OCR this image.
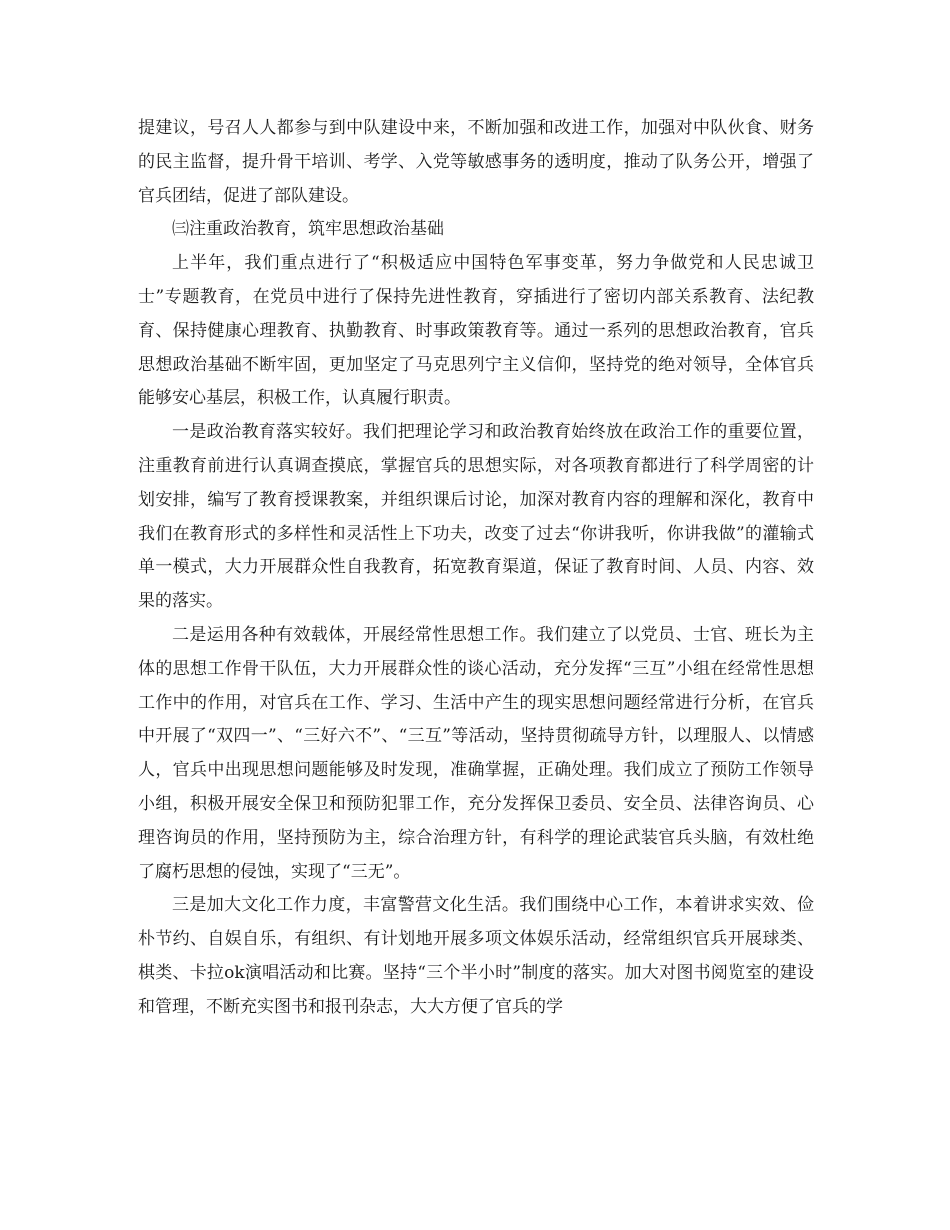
提建议，号召人人都参与到中队建设中来，不断加强和改进工作，加强对中队伙食、财务的民主监督，提升骨干培训、考学、入党等敏感事务的透明度，推动了队务公开，增强了官兵团结，促进了部队建设。

㈢注重政治教育，筑牢思想政治基础

上半年，我们重点进行了“积极适应中国特色军事变革，努力争做党和人民忠诚卫士”专题教育，在党员中进行了保持先进性教育，穿插进行了密切内部关系教育、法纪教育、保持健康心理教育、执勤教育、时事政策教育等。通过一系列的思想政治教育，官兵思想政治基础不断牢固，更加坚定了马克思列宁主义信仰，坚持党的绝对领导，全体官兵能够安心基层，积极工作，认真履行职责。

一是政治教育落实较好。我们把理论学习和政治教育始终放在政治工作的重要位置，注重教育前进行认真调查摸底，掌握官兵的思想实际，对各项教育都进行了科学周密的计划安排，编写了教育授课教案，并组织课后讨论，加深对教育内容的理解和深化，教育中我们在教育形式的多样性和灵活性上下功夫，改变了过去“你讲我听，你讲我做”的灌输式单一模式，大力开展群众性自我教育，拓宽教育渠道，保证了教育时间、人员、内容、效果的落实。

二是运用各种有效载体，开展经常性思想工作。我们建立了以党员、士官、班长为主体的思想工作骨干队伍，大力开展群众性的谈心活动，充分发挥“三互”小组在经常性思想工作中的作用，对官兵在工作、学习、生活中产生的现实思想问题经常进行分析，在官兵中开展了“双四一”、“三好六不”、“三互”等活动，坚持贯彻疏导方针，以理服人、以情感人，官兵中出现思想问题能够及时发现，准确掌握，正确处理。我们成立了预防工作领导小组，积极开展安全保卫和预防犯罪工作，充分发挥保卫委员、安全员、法律咨询员、心理咨询员的作用，坚持预防为主，综合治理方针，有科学的理论武装官兵头脑，有效杜绝了腐朽思想的侵蚀，实现了“三无”。

三是加大文化工作力度，丰富警营文化生活。我们围绕中心工作，本着讲求实效、俭朴节约、自娱自乐，有组织、有计划地开展多项文体娱乐活动，经常组织官兵开展球类、棋类、卡拉ok演唱活动和比赛。坚持“三个半小时”制度的落实。加大对图书阅览室的建设和管理，不断充实图书和报刊杂志，大大方便了官兵的学
